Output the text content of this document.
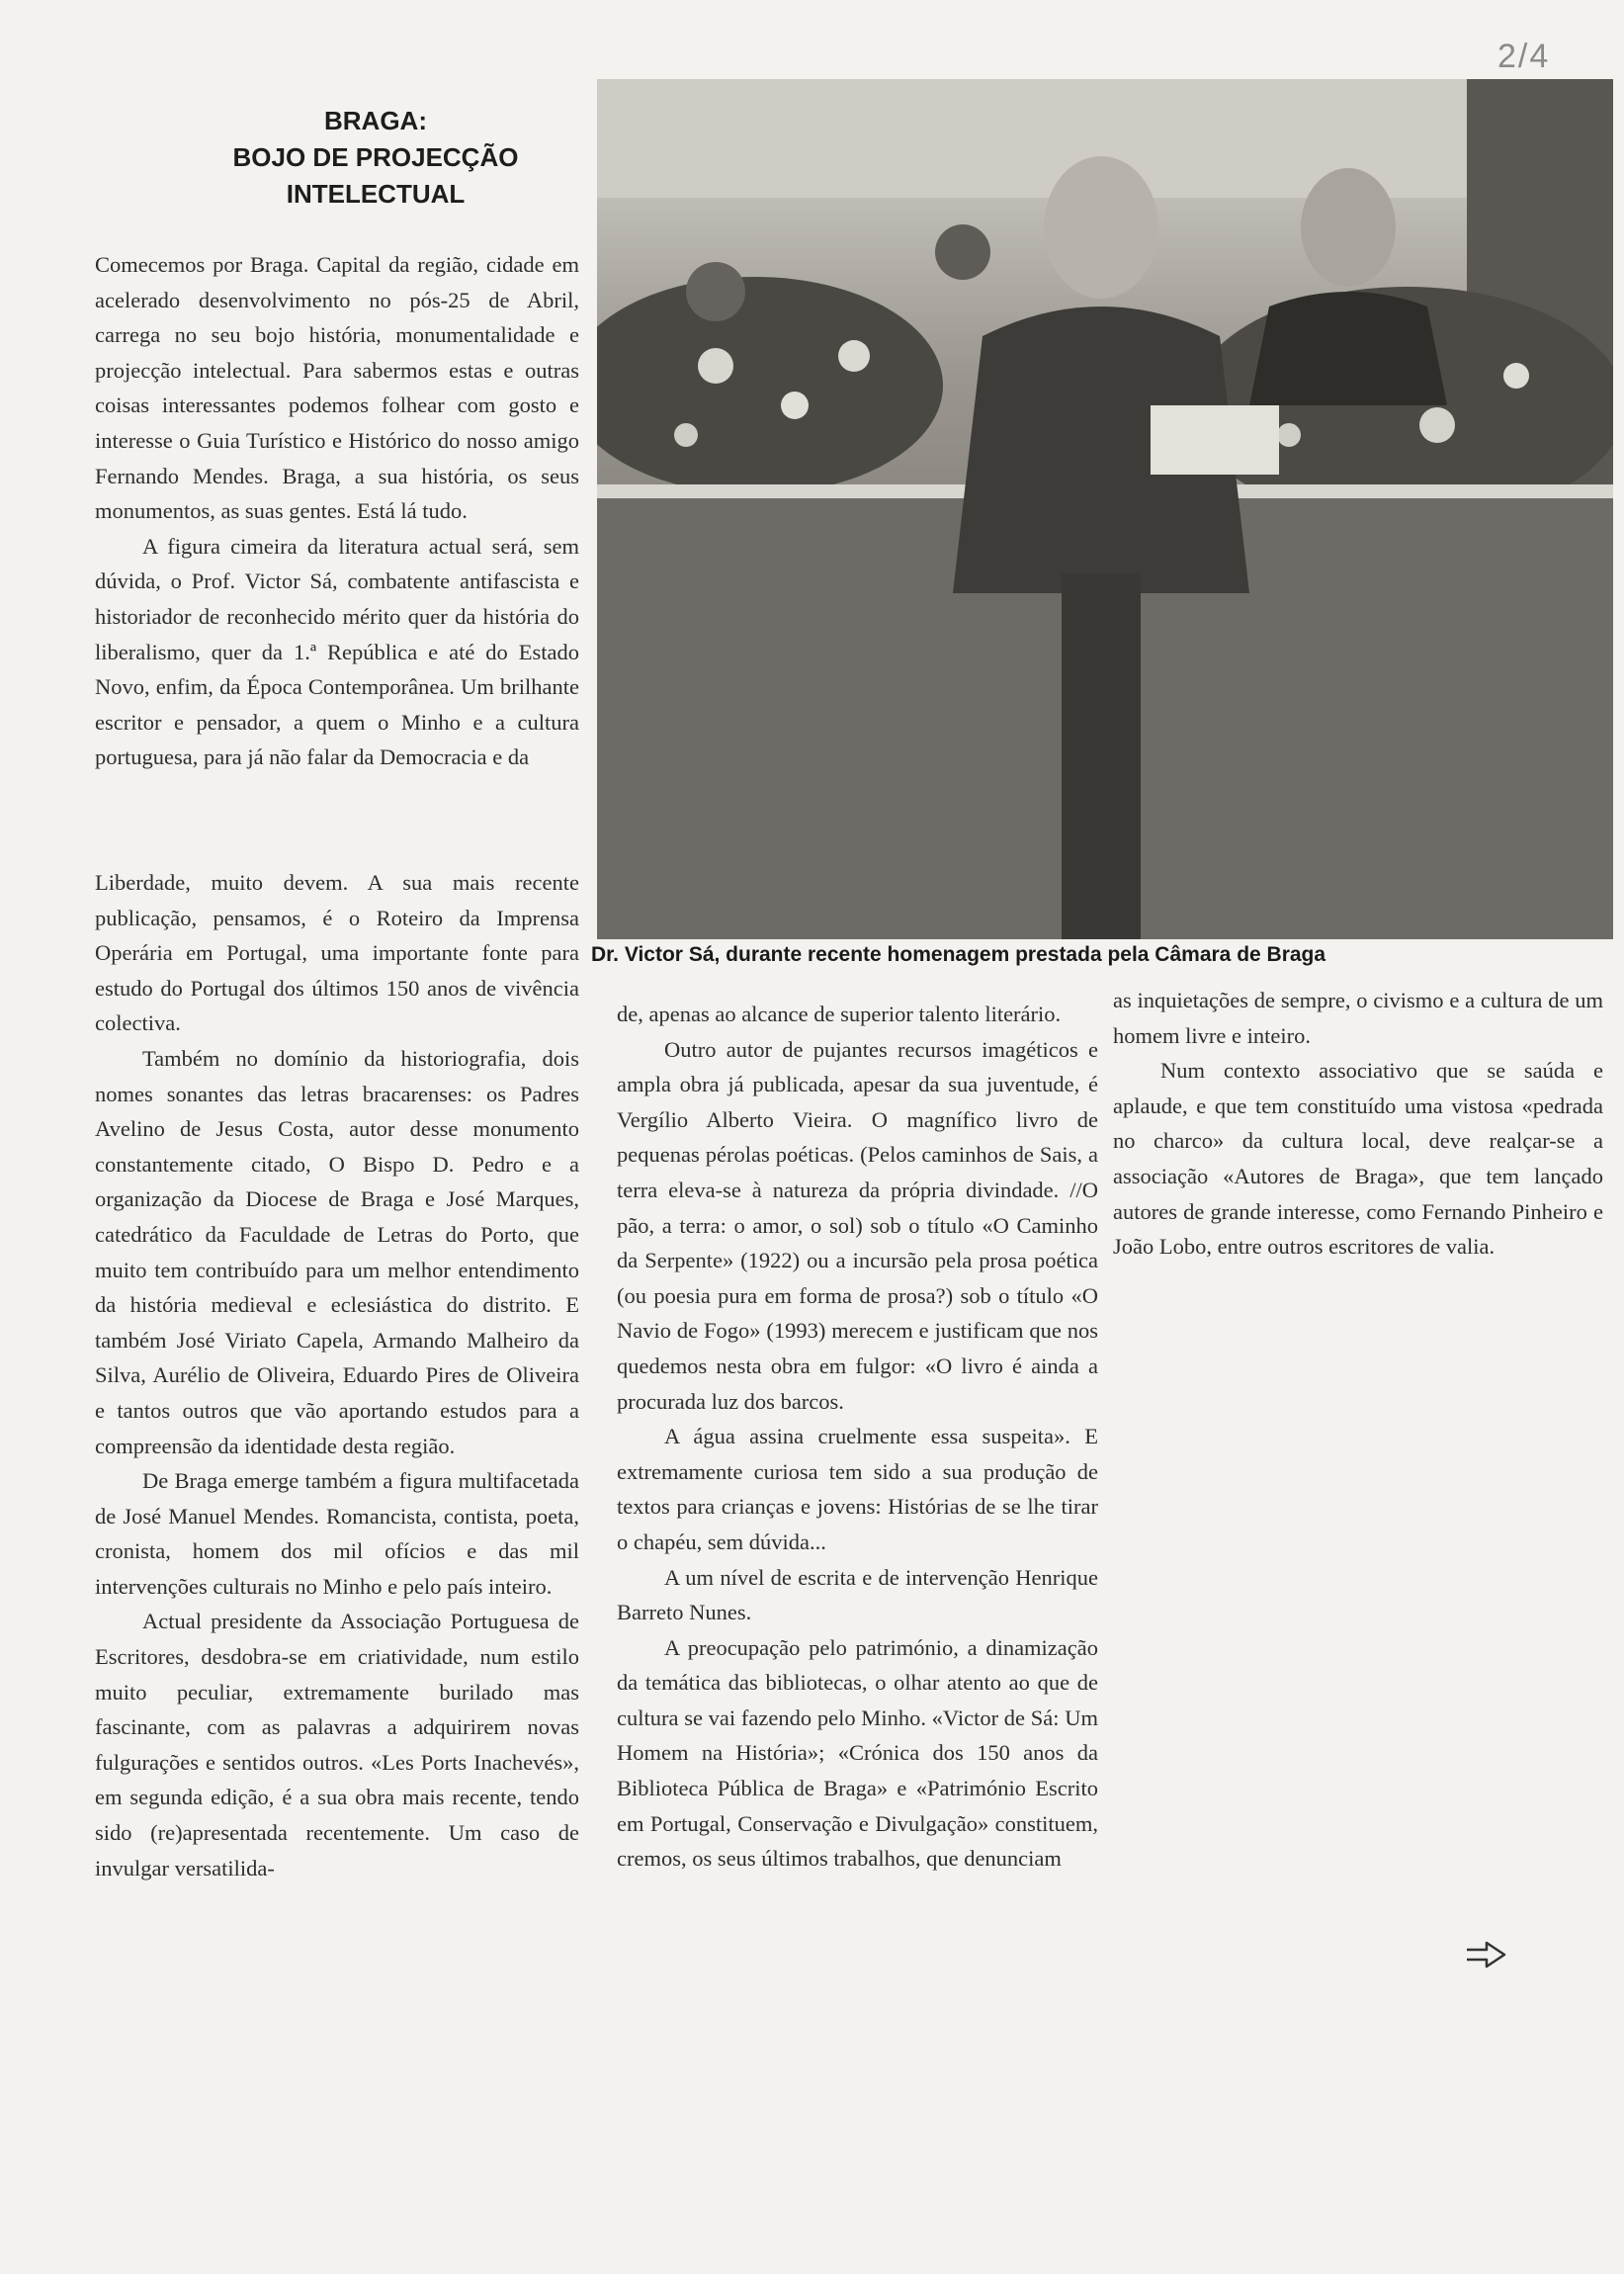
2/4
BRAGA:
BOJO DE PROJECÇÃO
INTELECTUAL

Comecemos por Braga. Capital da região, cidade em acelerado desenvolvimento no pós-25 de Abril, carrega no seu bojo história, monumentalidade e projecção intelectual. Para sabermos estas e outras coisas interessantes podemos folhear com gosto e interesse o Guia Turístico e Histórico do nosso amigo Fernando Mendes. Braga, a sua história, os seus monumentos, as suas gentes. Está lá tudo.

A figura cimeira da literatura actual será, sem dúvida, o Prof. Victor Sá, combatente antifascista e historiador de reconhecido mérito quer da história do liberalismo, quer da 1.ª República e até do Estado Novo, enfim, da Época Contemporânea. Um brilhante escritor e pensador, a quem o Minho e a cultura portuguesa, para já não falar da Democracia e da

Dr. Victor Sá, durante recente homenagem prestada pela Câmara de Braga

Liberdade, muito devem. A sua mais recente publicação, pensamos, é o Roteiro da Imprensa Operária em Portugal, uma importante fonte para estudo do Portugal dos últimos 150 anos de vivência colectiva.

Também no domínio da historiografia, dois nomes sonantes das letras bracarenses: os Padres Avelino de Jesus Costa, autor desse monumento constantemente citado, O Bispo D. Pedro e a organização da Diocese de Braga e José Marques, catedrático da Faculdade de Letras do Porto, que muito tem contribuído para um melhor entendimento da história medieval e eclesiástica do distrito. E também José Viriato Capela, Armando Malheiro da Silva, Aurélio de Oliveira, Eduardo Pires de Oliveira e tantos outros que vão aportando estudos para a compreensão da identidade desta região.

De Braga emerge também a figura multifacetada de José Manuel Mendes. Romancista, contista, poeta, cronista, homem dos mil ofícios e das mil intervenções culturais no Minho e pelo país inteiro.

Actual presidente da Associação Portuguesa de Escritores, desdobra-se em criatividade, num estilo muito peculiar, extremamente burilado mas fascinante, com as palavras a adquirirem novas fulgurações e sentidos outros. «Les Ports Inachevés», em segunda edição, é a sua obra mais recente, tendo sido (re)apresentada recentemente. Um caso de invulgar versatilida-

de, apenas ao alcance de superior talento literário.

Outro autor de pujantes recursos imagéticos e ampla obra já publicada, apesar da sua juventude, é Vergílio Alberto Vieira. O magnífico livro de pequenas pérolas poéticas. (Pelos caminhos de Sais, a terra eleva-se à natureza da própria divindade. //O pão, a terra: o amor, o sol) sob o título «O Caminho da Serpente» (1922) ou a incursão pela prosa poética (ou poesia pura em forma de prosa?) sob o título «O Navio de Fogo» (1993) merecem e justificam que nos quedemos nesta obra em fulgor: «O livro é ainda a procurada luz dos barcos.

A água assina cruelmente essa suspeita». E extremamente curiosa tem sido a sua produção de textos para crianças e jovens: Histórias de se lhe tirar o chapéu, sem dúvida...

A um nível de escrita e de intervenção Henrique Barreto Nunes.

A preocupação pelo património, a dinamização da temática das bibliotecas, o olhar atento ao que de cultura se vai fazendo pelo Minho. «Victor de Sá: Um Homem na História»; «Crónica dos 150 anos da Biblioteca Pública de Braga» e «Património Escrito em Portugal, Conservação e Divulgação» constituem, cremos, os seus últimos trabalhos, que denunciam

as inquietações de sempre, o civismo e a cultura de um homem livre e inteiro.

Num contexto associativo que se saúda e aplaude, e que tem constituído uma vistosa «pedrada no charco» da cultura local, deve realçar-se a associação «Autores de Braga», que tem lançado autores de grande interesse, como Fernando Pinheiro e João Lobo, entre outros escritores de valia.
